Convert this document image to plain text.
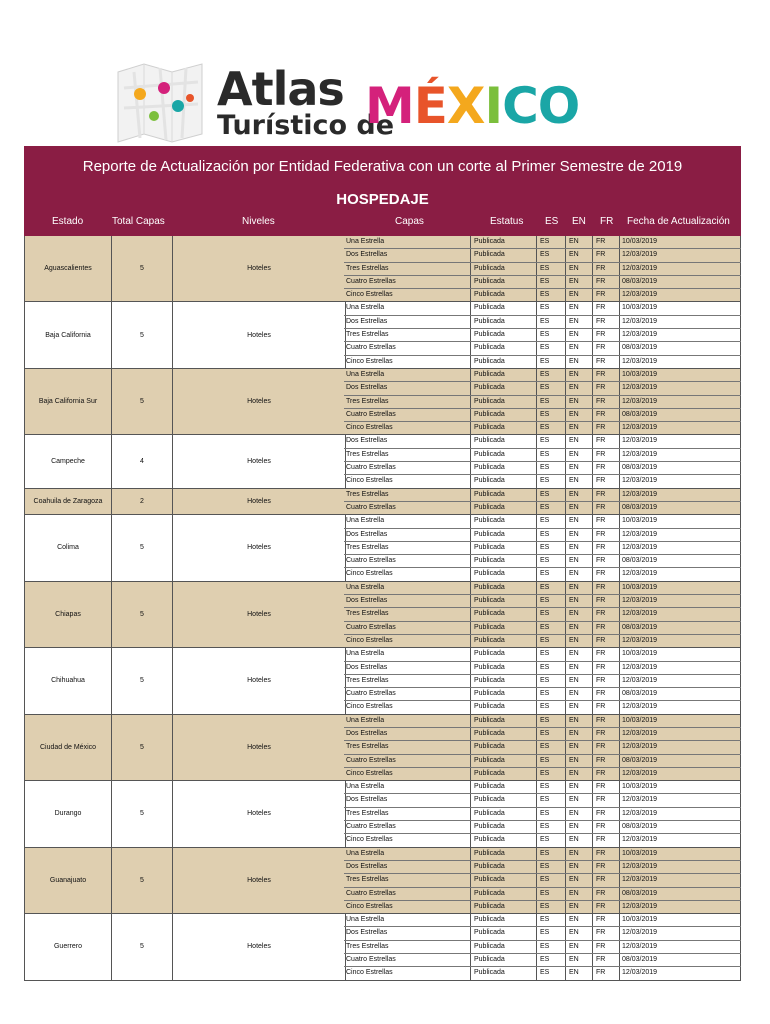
Atlas
Turístico de
MÉXICO
Reporte de Actualización por Entidad Federativa con un corte al Primer Semestre de 2019
HOSPEDAJE
Estado	Total Capas	Niveles	Capas	Estatus ES EN FR Fecha de Actualización
Aguascalientes	5	Hoteles
Una Estrella	Publicada	ES	EN FR 10/03/2019
Dos Estrellas	Publicada	ES	EN FR 12/03/2019
Tres Estrellas	Publicada	ES	EN FR 12/03/2019
Cuatro Estrellas	Publicada	ES	EN FR 08/03/2019
Cinco Estrellas	Publicada	ES	EN FR 12/03/2019
Baja California	5	Hoteles
Una Estrella	Publicada	ES	EN FR 10/03/2019
Dos Estrellas	Publicada	ES	EN FR 12/03/2019
Tres Estrellas	Publicada	ES	EN FR 12/03/2019
Cuatro Estrellas	Publicada	ES	EN FR 08/03/2019
Cinco Estrellas	Publicada	ES	EN FR 12/03/2019
Baja California Sur	5	Hoteles
Una Estrella	Publicada	ES	EN FR 10/03/2019
Dos Estrellas	Publicada	ES	EN FR 12/03/2019
Tres Estrellas	Publicada	ES	EN FR 12/03/2019
Cuatro Estrellas	Publicada	ES	EN FR 08/03/2019
Cinco Estrellas	Publicada	ES	EN FR 12/03/2019
Campeche	4	Hoteles
Dos Estrellas	Publicada	ES	EN FR 12/03/2019
Tres Estrellas	Publicada	ES	EN FR 12/03/2019
Cuatro Estrellas	Publicada	ES	EN FR 08/03/2019
Cinco Estrellas	Publicada	ES	EN FR 12/03/2019
Coahuila de Zaragoza	2	Hoteles
Tres Estrellas	Publicada	ES	EN FR 12/03/2019
Cuatro Estrellas	Publicada	ES	EN FR 08/03/2019
Colima	5	Hoteles
Una Estrella	Publicada	ES	EN FR 10/03/2019
Dos Estrellas	Publicada	ES	EN FR 12/03/2019
Tres Estrellas	Publicada	ES	EN FR 12/03/2019
Cuatro Estrellas	Publicada	ES	EN FR 08/03/2019
Cinco Estrellas	Publicada	ES	EN FR 12/03/2019
Chiapas	5	Hoteles
Una Estrella	Publicada	ES	EN FR 10/03/2019
Dos Estrellas	Publicada	ES	EN FR 12/03/2019
Tres Estrellas	Publicada	ES	EN FR 12/03/2019
Cuatro Estrellas	Publicada	ES	EN FR 08/03/2019
Cinco Estrellas	Publicada	ES	EN FR 12/03/2019
Chihuahua	5	Hoteles
Una Estrella	Publicada	ES	EN FR 10/03/2019
Dos Estrellas	Publicada	ES	EN FR 12/03/2019
Tres Estrellas	Publicada	ES	EN FR 12/03/2019
Cuatro Estrellas	Publicada	ES	EN FR 08/03/2019
Cinco Estrellas	Publicada	ES	EN FR 12/03/2019
Ciudad de México	5	Hoteles
Una Estrella	Publicada	ES	EN FR 10/03/2019
Dos Estrellas	Publicada	ES	EN FR 12/03/2019
Tres Estrellas	Publicada	ES	EN FR 12/03/2019
Cuatro Estrellas	Publicada	ES	EN FR 08/03/2019
Cinco Estrellas	Publicada	ES	EN FR 12/03/2019
Durango	5	Hoteles
Una Estrella	Publicada	ES	EN FR 10/03/2019
Dos Estrellas	Publicada	ES	EN FR 12/03/2019
Tres Estrellas	Publicada	ES	EN FR 12/03/2019
Cuatro Estrellas	Publicada	ES	EN FR 08/03/2019
Cinco Estrellas	Publicada	ES	EN FR 12/03/2019
Guanajuato	5	Hoteles
Una Estrella	Publicada	ES	EN FR 10/03/2019
Dos Estrellas	Publicada	ES	EN FR 12/03/2019
Tres Estrellas	Publicada	ES	EN FR 12/03/2019
Cuatro Estrellas	Publicada	ES	EN FR 08/03/2019
Cinco Estrellas	Publicada	ES	EN FR 12/03/2019
Guerrero	5	Hoteles
Una Estrella	Publicada	ES	EN FR 10/03/2019
Dos Estrellas	Publicada	ES	EN FR 12/03/2019
Tres Estrellas	Publicada	ES	EN FR 12/03/2019
Cuatro Estrellas	Publicada	ES	EN FR 08/03/2019
Cinco Estrellas	Publicada	ES	EN FR 12/03/2019
